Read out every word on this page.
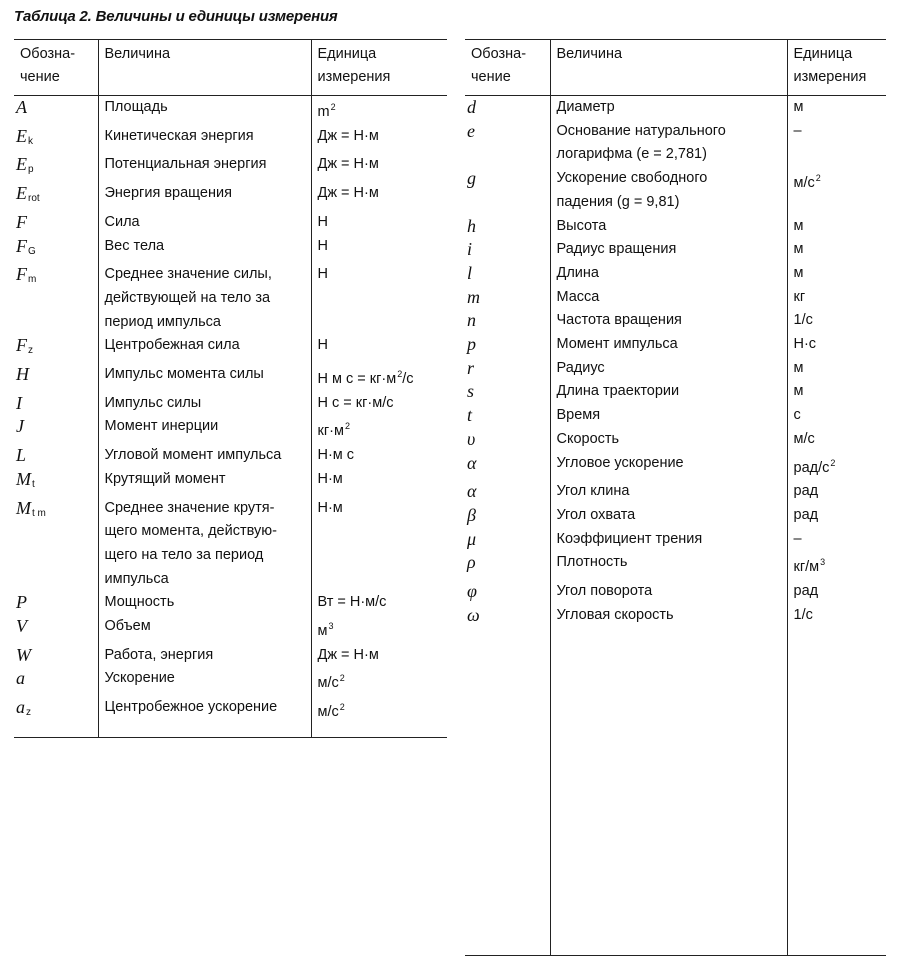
Таблица 2. Величины и единицы измерения
Обозна-
чение	Величина	Единица
измерения
A	Площадь	$m^2$
$E_k$	Кинетическая энергия	Дж = Н·м
$E_p$	Потенциальная энергия	Дж = Н·м
$E_{rot}$	Энергия вращения	Дж = Н·м
F	Сила	Н
$F_G$	Вес тела	Н
$F_m$	Среднее значение силы,
действующей на тело за
период импульса	Н
$F_z$	Центробежная сила	Н
H	Импульс момента силы	Н м $с = кг\cdot м^2/с$
I	Импульс силы	Н с = кг·м/с
J	Момент инерции	$кг\cdot м^2$
L	Угловой момент импульса	Н·м с
$M_t$	Крутящий момент	Н·м
$M_{t m}$	Среднее значение крутя-
щего момента, действую-
щего на тело за период
импульса	Н·м
P	Мощность	Вт = Н·м/с
V	Объем	$м^3$
W	Работа, энергия	Дж = Н·м
a	Ускорение	$м/с^2$
$a_z$	Центробежное ускорение	$м/с^2$
Обозна-
чение	Величина	Единица
измерения
d	Диаметр	м
e	Основание натурального
логарифма (e = 2,781)	–
g	Ускорение свободного
падения (g = 9,81)	$м/с^2$
h	Высота	м
i	Радиус вращения	м
l	Длина	м
m	Масса	кг
n	Частота вращения	1/с
p	Момент импульса	Н·с
r	Радиус	м
s	Длина траектории	м
t	Время	с
υ	Скорость	м/с
α	Угловое ускорение	рад/$с^2$
α	Угол клина	рад
β	Угол охвата	рад
μ	Коэффициент трения	–
ρ	Плотность	$кг/м^3$
φ	Угол поворота	рад
ω	Угловая скорость	1/с
